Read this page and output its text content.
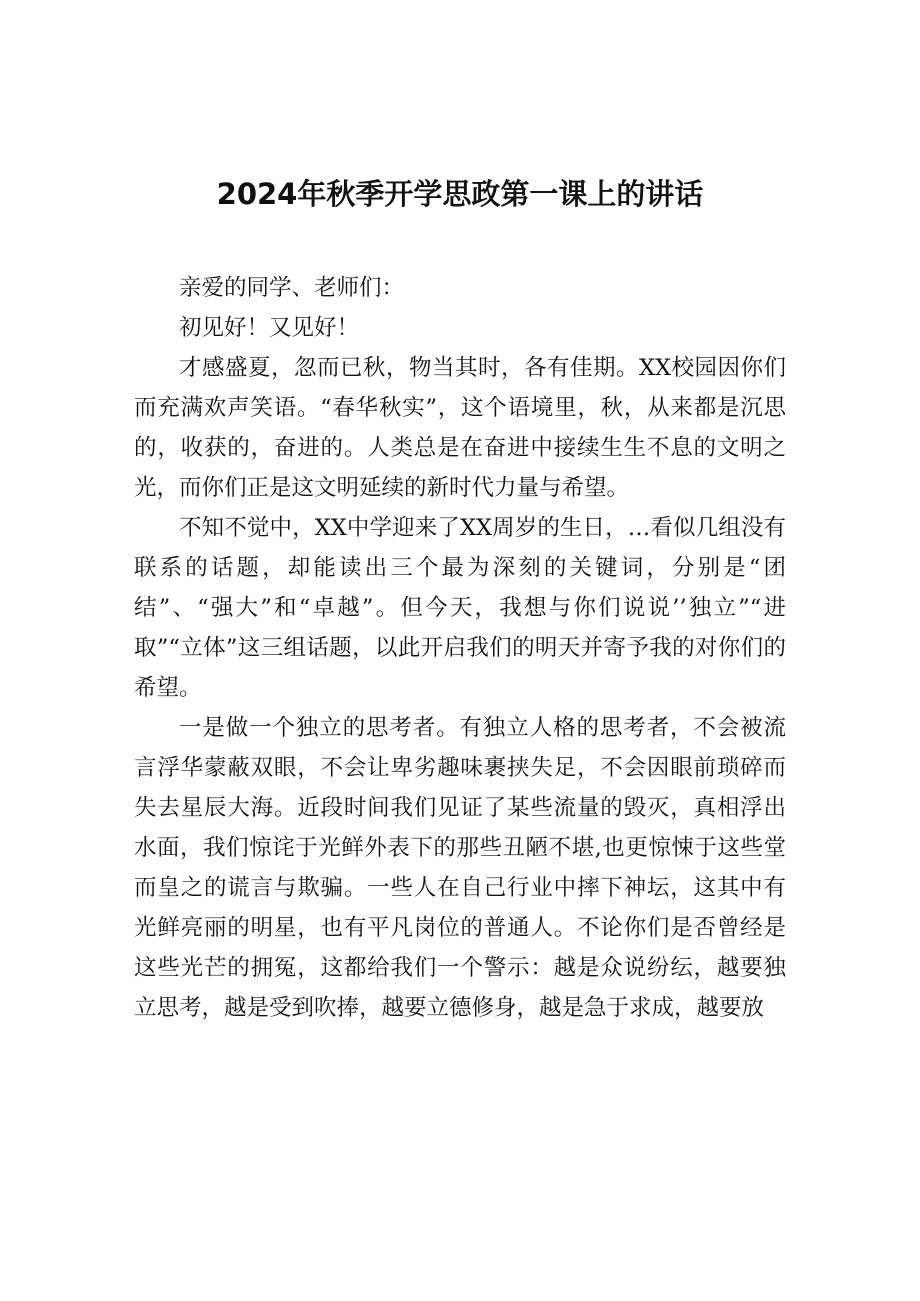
2024年秋季开学思政第一课上的讲话

亲爱的同学、老师们：

初见好！又见好！

才感盛夏，忽而已秋，物当其时，各有佳期。XX校园因你们而充满欢声笑语。“春华秋实”，这个语境里，秋，从来都是沉思的，收获的，奋进的。人类总是在奋进中接续生生不息的文明之光，而你们正是这文明延续的新时代力量与希望。

不知不觉中，XX中学迎来了XX周岁的生日，…看似几组没有联系的话题，却能读出三个最为深刻的关键词，分别是“团结”、“强大”和“卓越”。但今天，我想与你们说说’’独立”“进取”“立体”这三组话题，以此开启我们的明天并寄予我的对你们的希望。

一是做一个独立的思考者。有独立人格的思考者，不会被流言浮华蒙蔽双眼，不会让卑劣趣味裹挟失足，不会因眼前琐碎而失去星辰大海。近段时间我们见证了某些流量的毁灭，真相浮出水面，我们惊诧于光鲜外表下的那些丑陋不堪,也更惊悚于这些堂而皇之的谎言与欺骗。一些人在自己行业中摔下神坛，这其中有光鲜亮丽的明星，也有平凡岗位的普通人。不论你们是否曾经是这些光芒的拥冤，这都给我们一个警示：越是众说纷纭，越要独立思考，越是受到吹捧，越要立德修身，越是急于求成，越要放
